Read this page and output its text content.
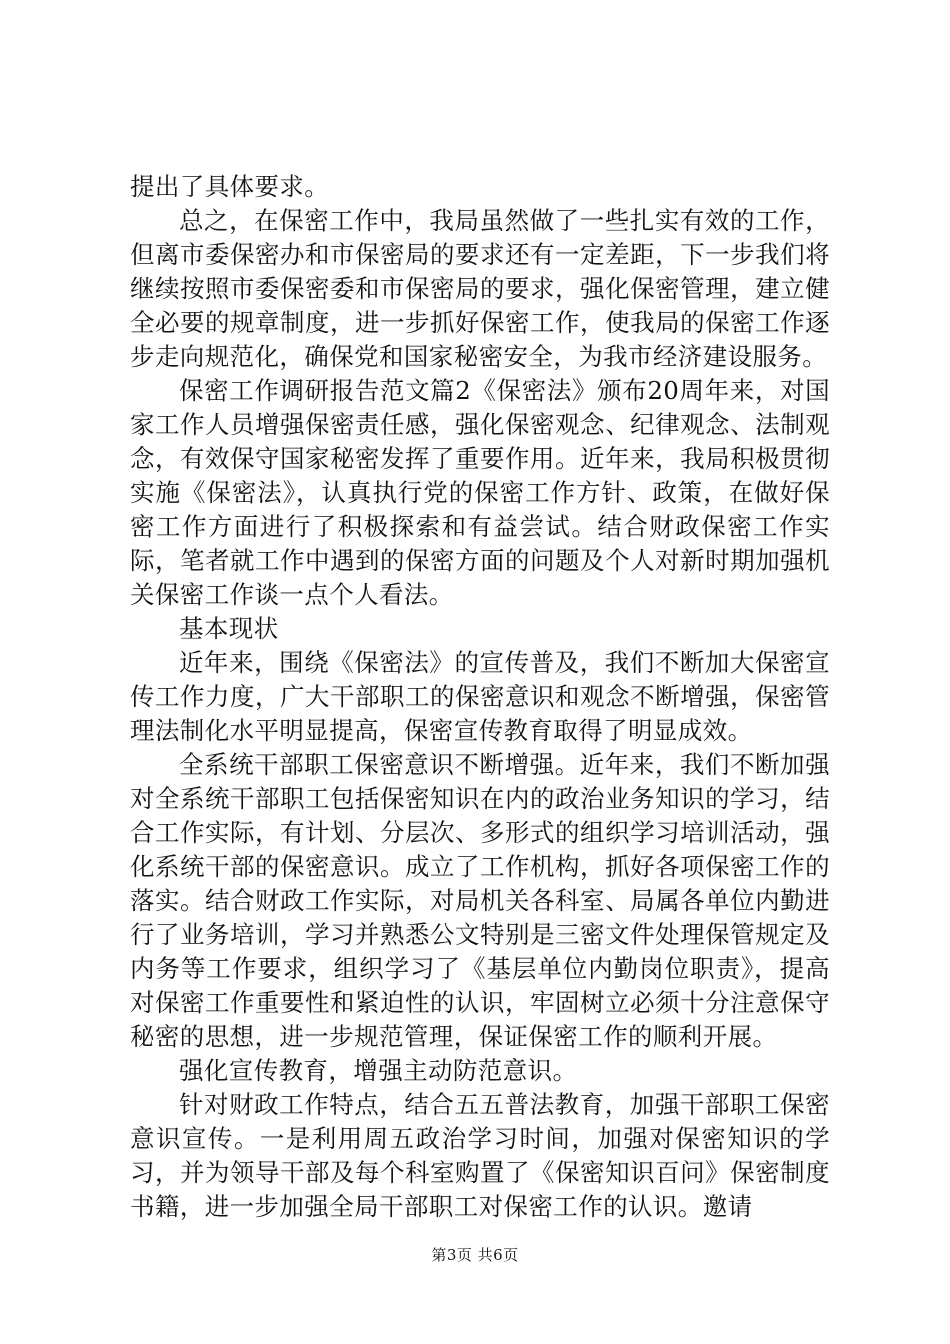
提出了具体要求。

总之，在保密工作中，我局虽然做了一些扎实有效的工作，但离市委保密办和市保密局的要求还有一定差距，下一步我们将继续按照市委保密委和市保密局的要求，强化保密管理，建立健全必要的规章制度，进一步抓好保密工作，使我局的保密工作逐步走向规范化，确保党和国家秘密安全，为我市经济建设服务。

保密工作调研报告范文篇2《保密法》颁布20周年来，对国家工作人员增强保密责任感，强化保密观念、纪律观念、法制观念，有效保守国家秘密发挥了重要作用。近年来，我局积极贯彻实施《保密法》，认真执行党的保密工作方针、政策，在做好保密工作方面进行了积极探索和有益尝试。结合财政保密工作实际，笔者就工作中遇到的保密方面的问题及个人对新时期加强机关保密工作谈一点个人看法。

基本现状

近年来，围绕《保密法》的宣传普及，我们不断加大保密宣传工作力度，广大干部职工的保密意识和观念不断增强，保密管理法制化水平明显提高，保密宣传教育取得了明显成效。

全系统干部职工保密意识不断增强。近年来，我们不断加强对全系统干部职工包括保密知识在内的政治业务知识的学习，结合工作实际，有计划、分层次、多形式的组织学习培训活动，强化系统干部的保密意识。成立了工作机构，抓好各项保密工作的落实。结合财政工作实际，对局机关各科室、局属各单位内勤进行了业务培训，学习并熟悉公文特别是三密文件处理保管规定及内务等工作要求，组织学习了《基层单位内勤岗位职责》，提高对保密工作重要性和紧迫性的认识，牢固树立必须十分注意保守秘密的思想，进一步规范管理，保证保密工作的顺利开展。

强化宣传教育，增强主动防范意识。

针对财政工作特点，结合五五普法教育，加强干部职工保密意识宣传。一是利用周五政治学习时间，加强对保密知识的学习，并为领导干部及每个科室购置了《保密知识百问》保密制度书籍，进一步加强全局干部职工对保密工作的认识。邀请

第3页 共6页
